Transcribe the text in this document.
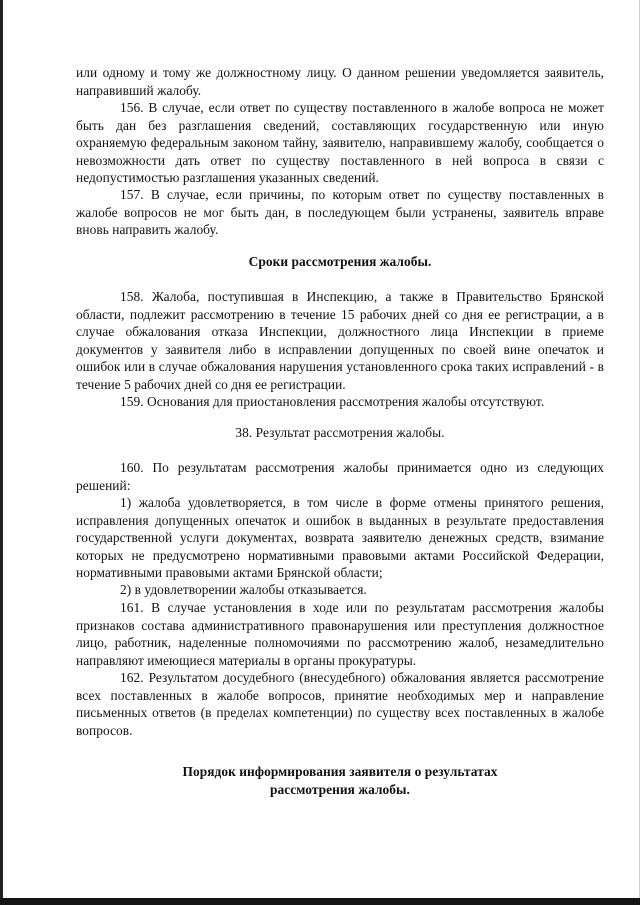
или одному и тому же должностному лицу. О данном решении уведомляется заявитель, направивший жалобу.

156. В случае, если ответ по существу поставленного в жалобе вопроса не может быть дан без разглашения сведений, составляющих государственную или иную охраняемую федеральным законом тайну, заявителю, направившему жалобу, сообщается о невозможности дать ответ по существу поставленного в ней вопроса в связи с недопустимостью разглашения указанных сведений.

157. В случае, если причины, по которым ответ по существу поставленных в жалобе вопросов не мог быть дан, в последующем были устранены, заявитель вправе вновь направить жалобу.

Сроки рассмотрения жалобы.

158. Жалоба, поступившая в Инспекцию, а также в Правительство Брянской области, подлежит рассмотрению в течение 15 рабочих дней со дня ее регистрации, а в случае обжалования отказа Инспекции, должностного лица Инспекции в приеме документов у заявителя либо в исправлении допущенных по своей вине опечаток и ошибок или в случае обжалования нарушения установленного срока таких исправлений - в течение 5 рабочих дней со дня ее регистрации.

159. Основания для приостановления рассмотрения жалобы отсутствуют.

38. Результат рассмотрения жалобы.

160. По результатам рассмотрения жалобы принимается одно из следующих решений:

1) жалоба удовлетворяется, в том числе в форме отмены принятого решения, исправления допущенных опечаток и ошибок в выданных в результате предоставления государственной услуги документах, возврата заявителю денежных средств, взимание которых не предусмотрено нормативными правовыми актами Российской Федерации, нормативными правовыми актами Брянской области;

2) в удовлетворении жалобы отказывается.

161. В случае установления в ходе или по результатам рассмотрения жалобы признаков состава административного правонарушения или преступления должностное лицо, работник, наделенные полномочиями по рассмотрению жалоб, незамедлительно направляют имеющиеся материалы в органы прокуратуры.

162. Результатом досудебного (внесудебного) обжалования является рассмотрение всех поставленных в жалобе вопросов, принятие необходимых мер и направление письменных ответов (в пределах компетенции) по существу всех поставленных в жалобе вопросов.

Порядок информирования заявителя о результатах

рассмотрения жалобы.
